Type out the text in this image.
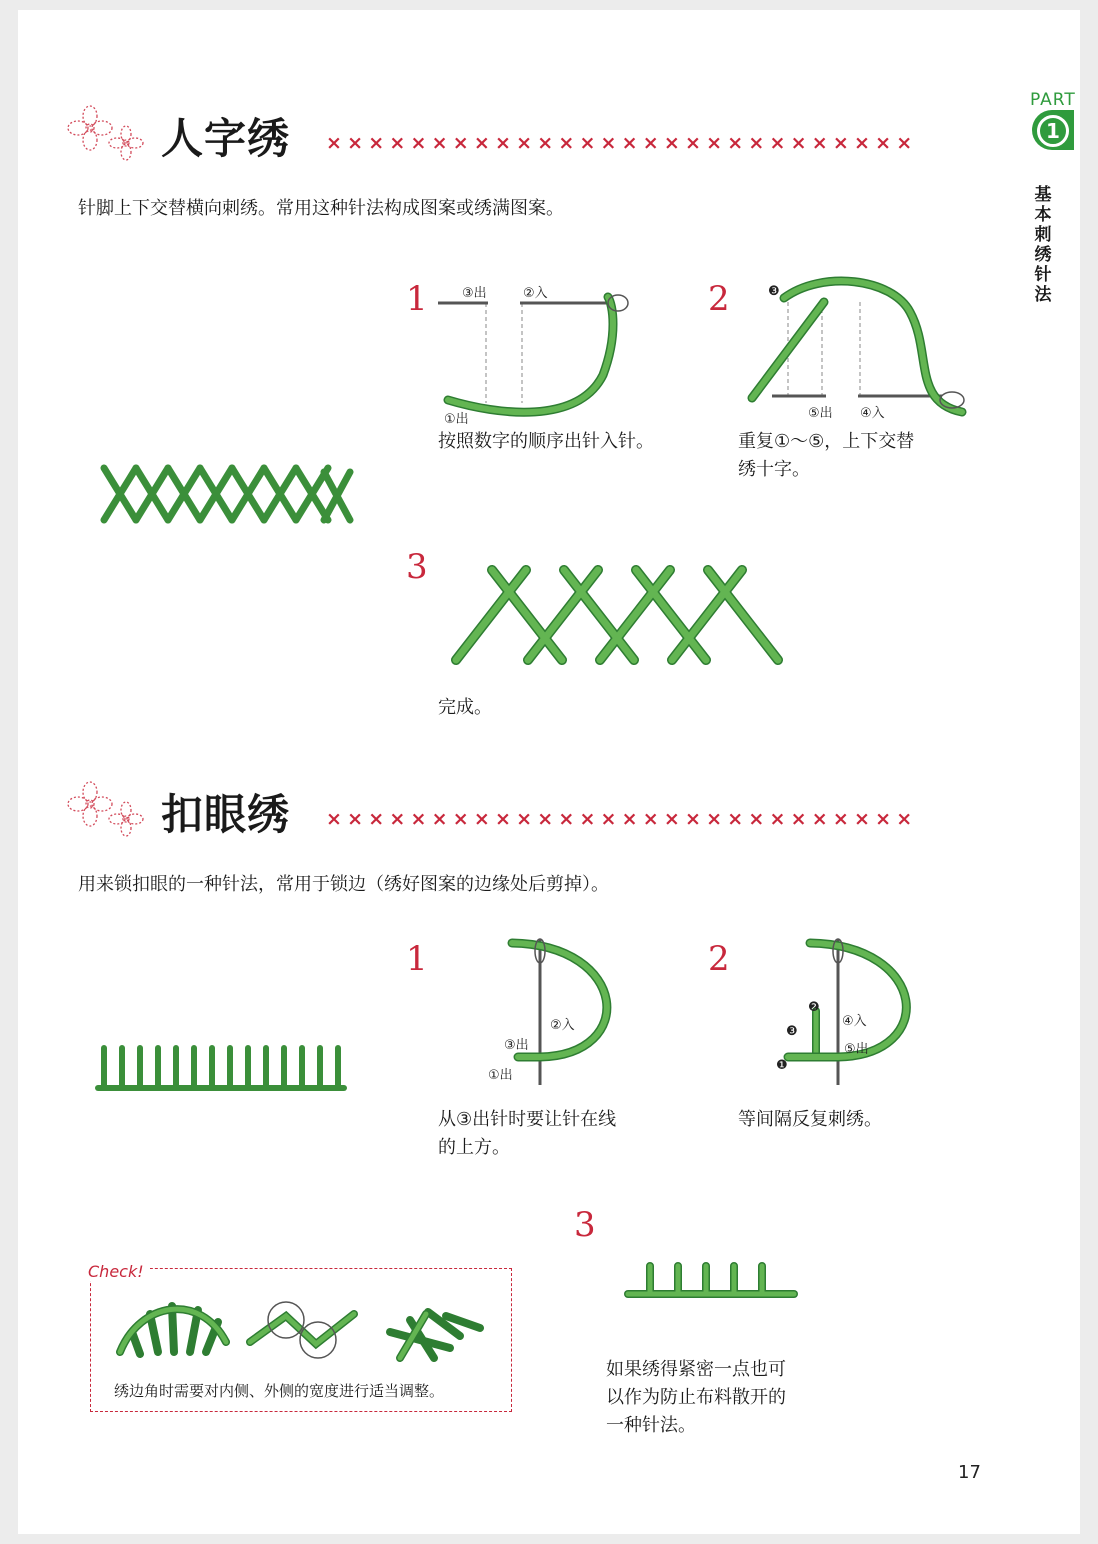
PART
1
基本刺绣针法
人字绣 ××××××××××××××××××××××××××××
针脚上下交替横向刺绣。常用这种针法构成图案或绣满图案。
1	③出	②入
①出
按照数字的顺序出针入针。
2	❸
⑤出 ④入
重复①～⑤，上下交替
绣十字。
3
完成。
扣眼绣 ××××××××××××××××××××××××××××
用来锁扣眼的一种针法，常用于锁边（绣好图案的边缘处后剪掉）。
1
②入
③出
①出
从③出针时要让针在线
的上方。
2
❷
④入
❸
⑤出
❶
等间隔反复刺绣。
3
如果绣得紧密一点也可
以作为防止布料散开的
一种针法。
Check!
绣边角时需要对内侧、外侧的宽度进行适当调整。
17
